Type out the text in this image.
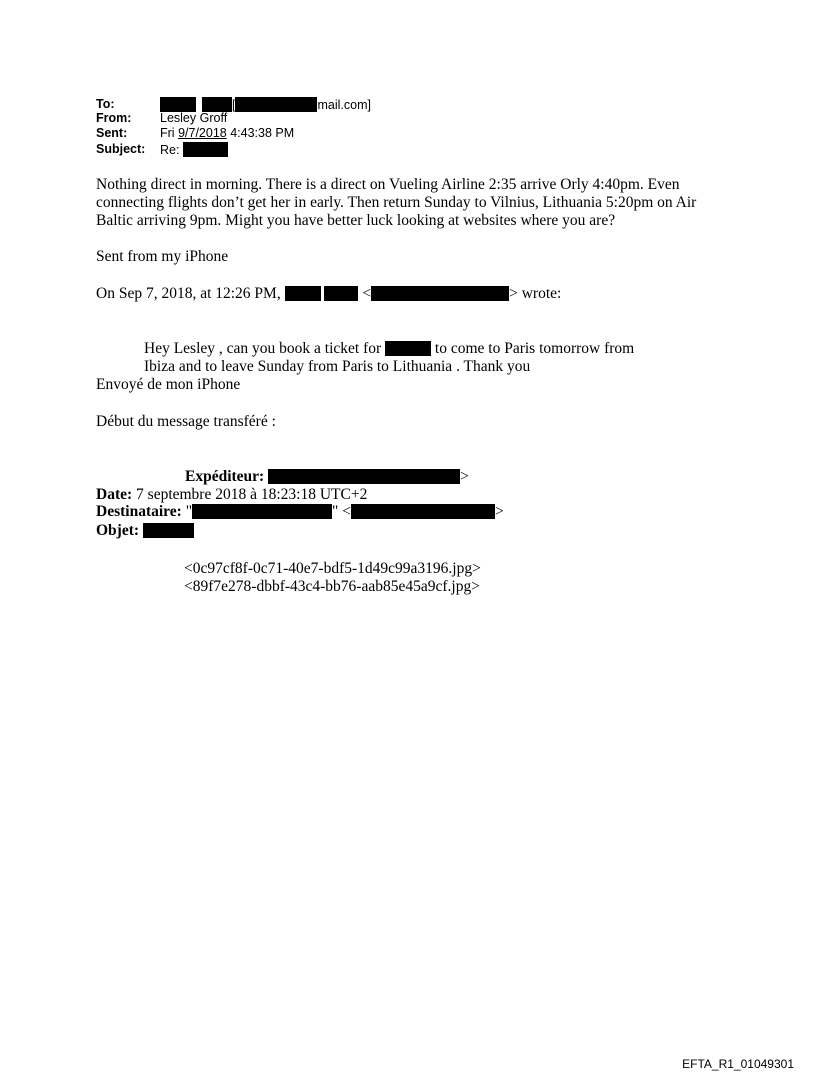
To:	[	mail.com]
From: Lesley Groff
Sent:	Fri 9/7/2018 4:43:38 PM
Subject: Re:
Nothing direct in morning. There is a direct on Vueling Airline 2:35 arrive Orly 4:40pm. Even
connecting flights don’t get her in early. Then return Sunday to Vilnius, Lithuania 5:20pm on Air
Baltic arriving 9pm. Might you have better luck looking at websites where you are?
Sent from my iPhone
On Sep 7, 2018, at 12:26 PM,	<	> wrote:
Hey Lesley , can you book a ticket for	to come to Paris tomorrow from
Ibiza and to leave Sunday from Paris to Lithuania . Thank you
Envoyé de mon iPhone
Début du message transféré :
Expéditeur:	>
Date: 7 septembre 2018 à 18:23:18 UTC+2
Destinataire: "	" <	>
Objet:
<0c97cf8f-0c71-40e7-bdf5-1d49c99a3196.jpg>
<89f7e278-dbbf-43c4-bb76-aab85e45a9cf.jpg>
EFTA_R1_01049301
